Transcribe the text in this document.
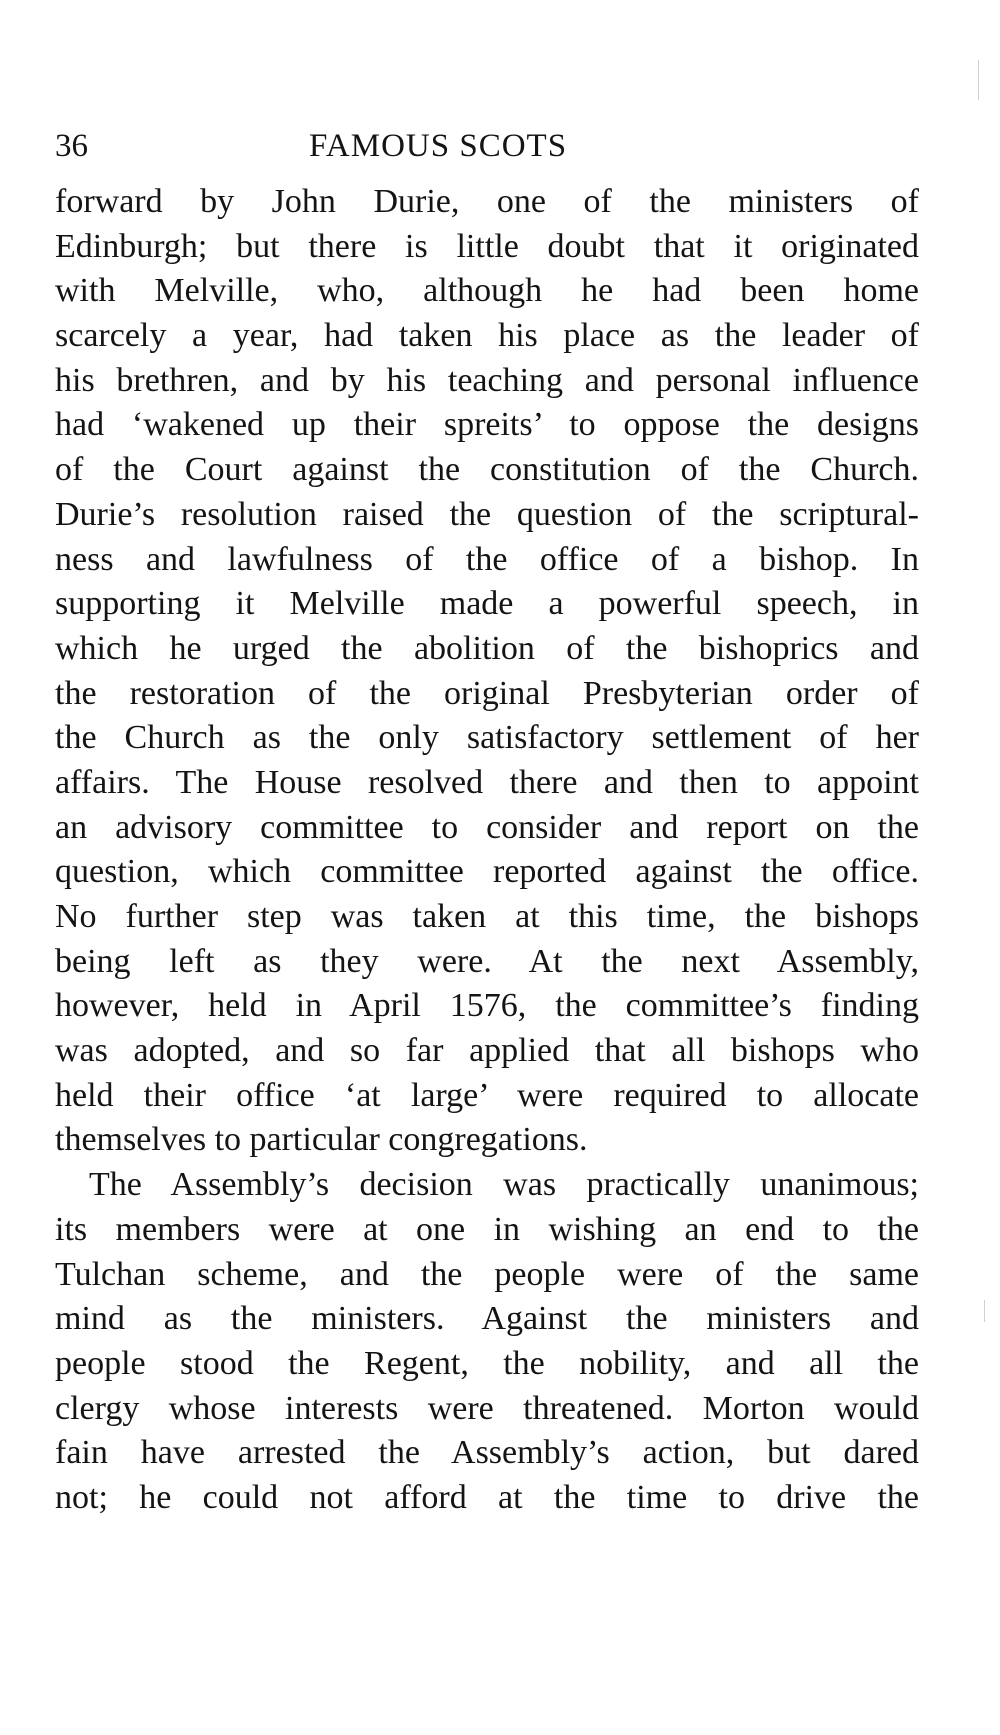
36	FAMOUS SCOTS
forward by John Durie, one of the ministers of
Edinburgh; but there is little doubt that it originated
with Melville, who, although he had been home
scarcely a year, had taken his place as the leader of
his brethren, and by his teaching and personal influence
had ‘wakened up their spreits’ to oppose the designs
of the Court against the constitution of the Church.
Durie’s resolution raised the question of the scriptural-
ness and lawfulness of the office of a bishop. In
supporting it Melville made a powerful speech, in
which he urged the abolition of the bishoprics and
the restoration of the original Presbyterian order of
the Church as the only satisfactory settlement of her
affairs. The House resolved there and then to appoint
an advisory committee to consider and report on the
question, which committee reported against the office.
No further step was taken at this time, the bishops
being left as they were. At the next Assembly,
however, held in April 1576, the committee’s finding
was adopted, and so far applied that all bishops who
held their office ‘at large’ were required to allocate
themselves to particular congregations.
The Assembly’s decision was practically unanimous;
its members were at one in wishing an end to the
Tulchan scheme, and the people were of the same
mind as the ministers. Against the ministers and
people stood the Regent, the nobility, and all the
clergy whose interests were threatened. Morton would
fain have arrested the Assembly’s action, but dared
not; he could not afford at the time to drive the
